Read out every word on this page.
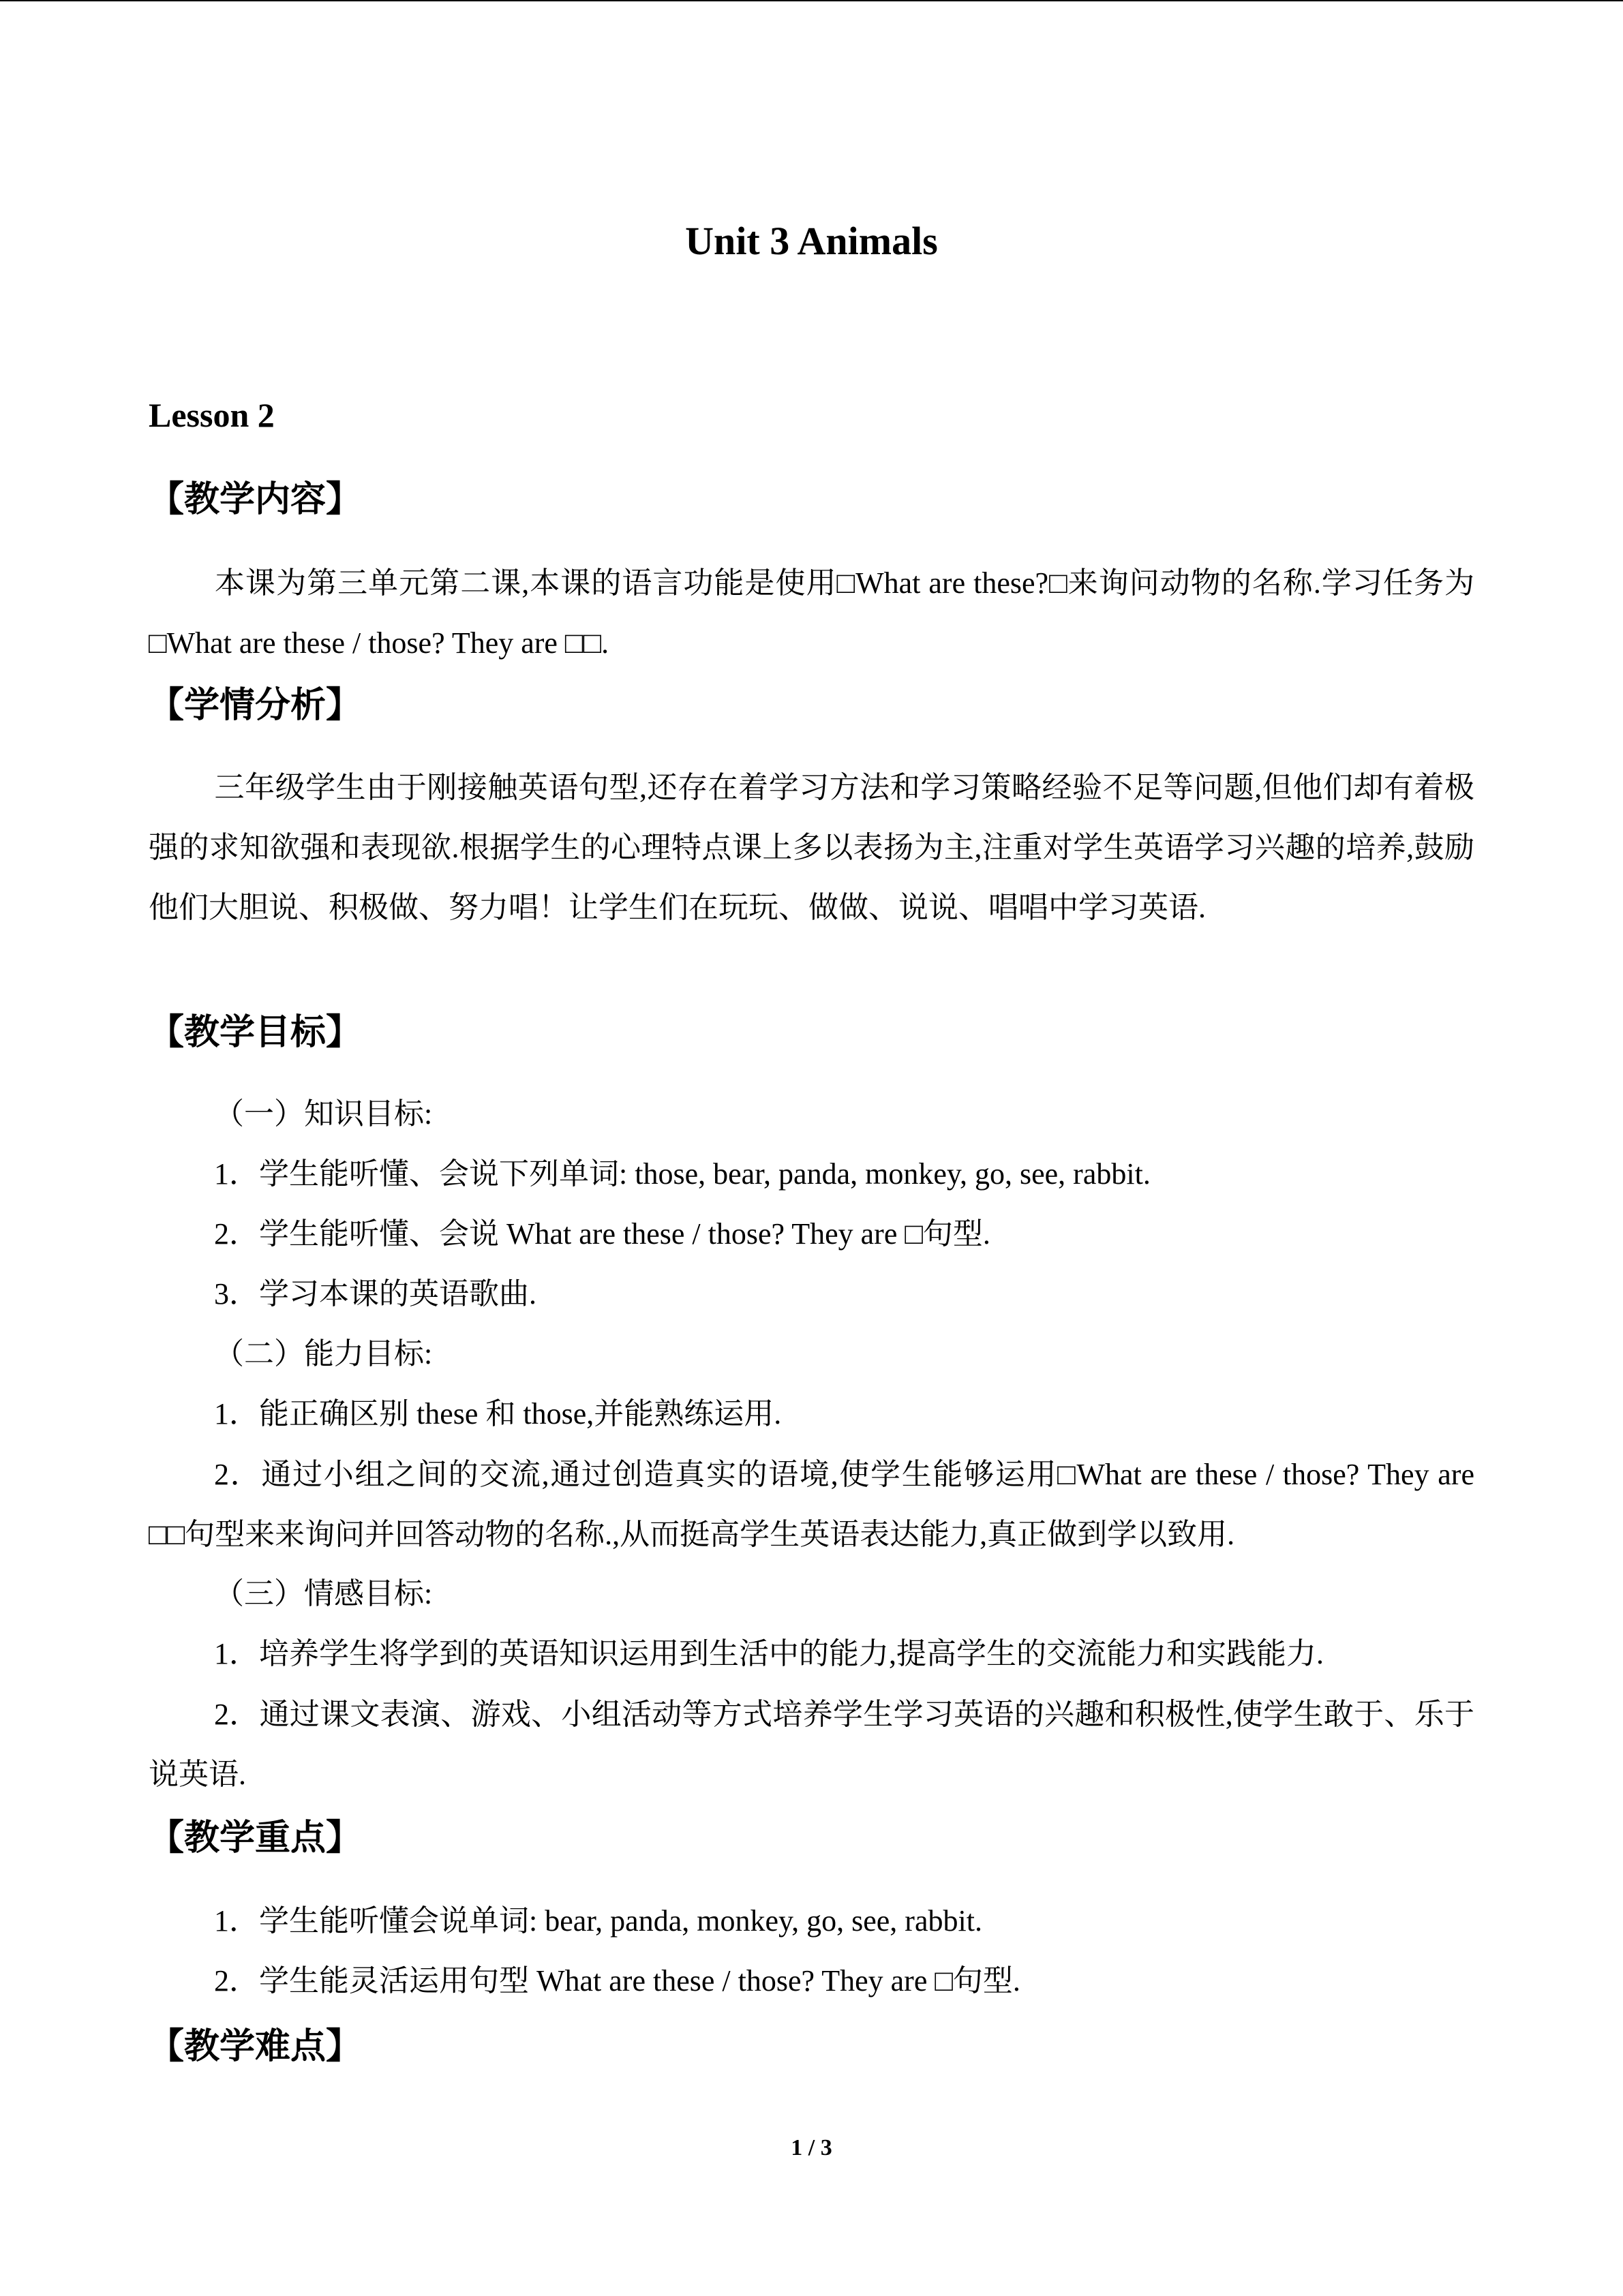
Unit 3 Animals
Lesson 2
【教学内容】
本课为第三单元第二课,本课的语言功能是使用□What are these?□来询问动物的名称.学习任务为□What are these / those? They are □□.
【学情分析】
三年级学生由于刚接触英语句型,还存在着学习方法和学习策略经验不足等问题,但他们却有着极强的求知欲强和表现欲.根据学生的心理特点课上多以表扬为主,注重对学生英语学习兴趣的培养,鼓励他们大胆说、积极做、努力唱！让学生们在玩玩、做做、说说、唱唱中学习英语.
【教学目标】
（一）知识目标:
1．学生能听懂、会说下列单词: those, bear, panda, monkey, go, see, rabbit.
2．学生能听懂、会说 What are these / those? They are □句型.
3．学习本课的英语歌曲.
（二）能力目标:
1．能正确区别 these 和 those,并能熟练运用.
2．通过小组之间的交流,通过创造真实的语境,使学生能够运用□What are these / those? They are □□句型来来询问并回答动物的名称.,从而挺高学生英语表达能力,真正做到学以致用.
（三）情感目标:
1．培养学生将学到的英语知识运用到生活中的能力,提高学生的交流能力和实践能力.
2．通过课文表演、游戏、小组活动等方式培养学生学习英语的兴趣和积极性,使学生敢于、乐于说英语.
【教学重点】
1．学生能听懂会说单词: bear, panda, monkey, go, see, rabbit.
2．学生能灵活运用句型 What are these / those? They are □句型.
【教学难点】
1 / 3
